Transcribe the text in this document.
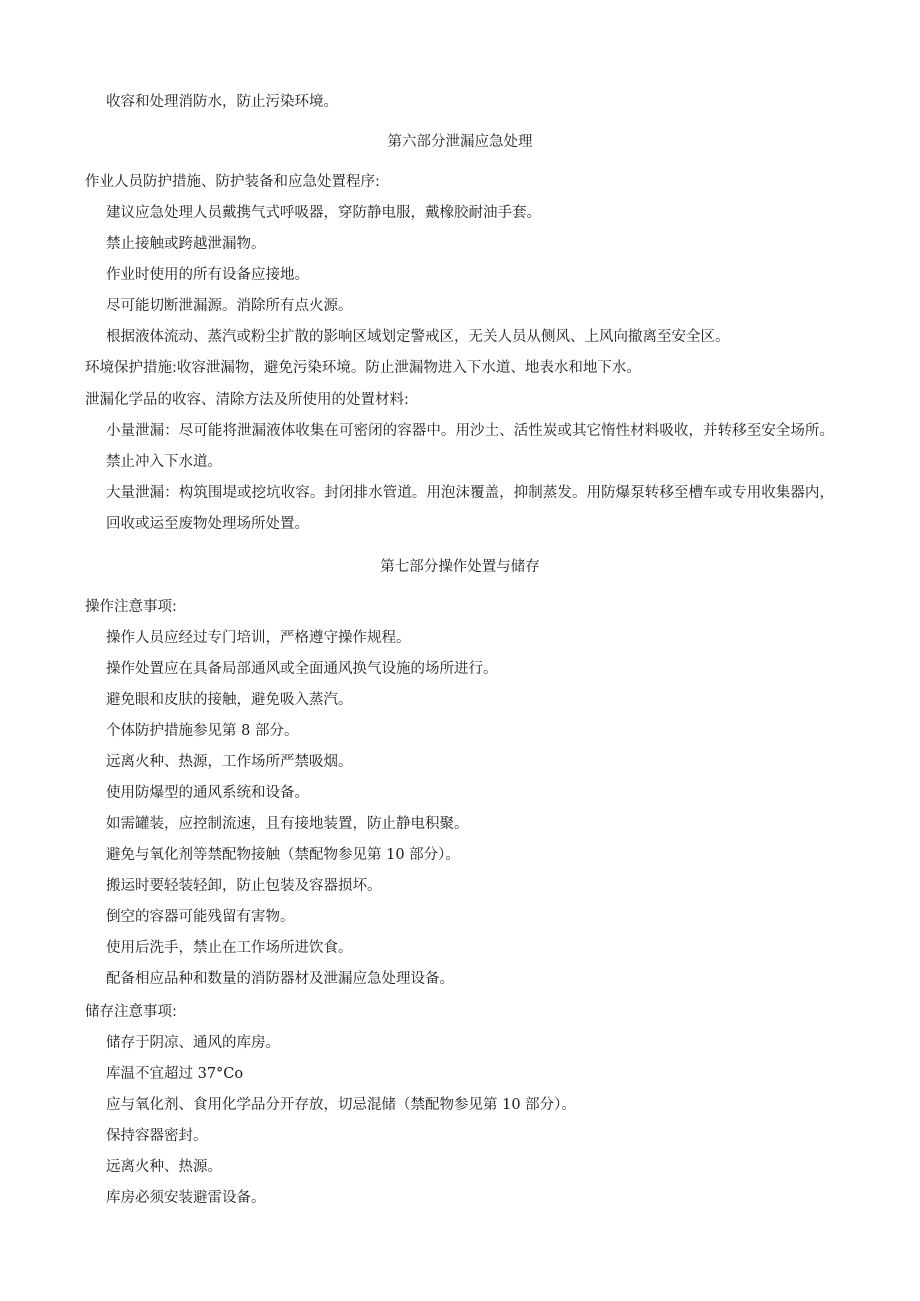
收容和处理消防水，防止污染环境。
第六部分泄漏应急处理
作业人员防护措施、防护装备和应急处置程序:
建议应急处理人员戴携气式呼吸器，穿防静电服，戴橡胶耐油手套。
禁止接触或跨越泄漏物。
作业时使用的所有设备应接地。
尽可能切断泄漏源。消除所有点火源。
根据液体流动、蒸汽或粉尘扩散的影响区域划定警戒区，无关人员从侧风、上风向撤离至安全区。
环境保护措施:收容泄漏物，避免污染环境。防止泄漏物进入下水道、地表水和地下水。
泄漏化学品的收容、清除方法及所使用的处置材料:
小量泄漏：尽可能将泄漏液体收集在可密闭的容器中。用沙土、活性炭或其它惰性材料吸收，并转移至安全场所。禁止冲入下水道。
大量泄漏：构筑围堤或挖坑收容。封闭排水管道。用泡沫覆盖，抑制蒸发。用防爆泵转移至槽车或专用收集器内，回收或运至废物处理场所处置。
第七部分操作处置与储存
操作注意事项:
操作人员应经过专门培训，严格遵守操作规程。
操作处置应在具备局部通风或全面通风换气设施的场所进行。
避免眼和皮肤的接触，避免吸入蒸汽。
个体防护措施参见第 8 部分。
远离火种、热源，工作场所严禁吸烟。
使用防爆型的通风系统和设备。
如需罐装，应控制流速，且有接地装置，防止静电积聚。
避免与氧化剂等禁配物接触（禁配物参见第 10 部分）。
搬运时要轻装轻卸，防止包装及容器损坏。
倒空的容器可能残留有害物。
使用后洗手，禁止在工作场所进饮食。
配备相应品种和数量的消防器材及泄漏应急处理设备。
储存注意事项:
储存于阴凉、通风的库房。
库温不宜超过 37°Co
应与氧化剂、食用化学品分开存放，切忌混储（禁配物参见第 10 部分）。
保持容器密封。
远离火种、热源。
库房必须安装避雷设备。
